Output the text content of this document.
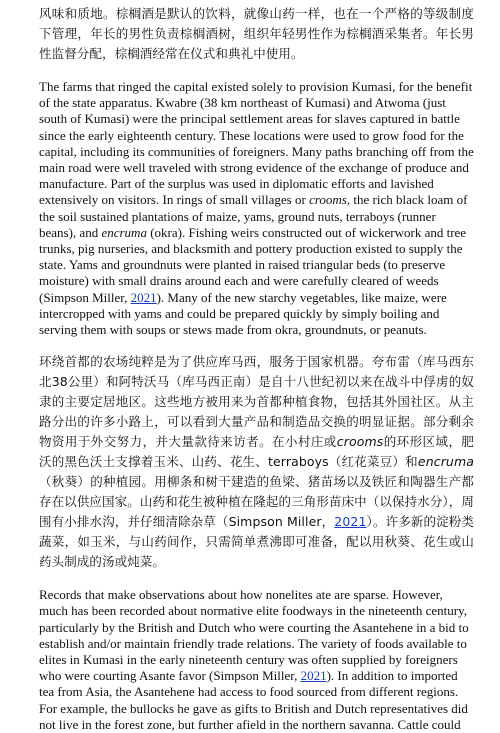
风味和质地。棕榈酒是默认的饮料，就像山药一样，也在一个严格的等级制度下管理，年长的男性负责棕榈酒树，组织年轻男性作为棕榈酒采集者。年长男性监督分配，棕榈酒经常在仪式和典礼中使用。

The farms that ringed the capital existed solely to provision Kumasi, for the benefit of the state apparatus. Kwabre (38 km northeast of Kumasi) and Atwoma (just south of Kumasi) were the principal settlement areas for slaves captured in battle since the early eighteenth century. These locations were used to grow food for the capital, including its communities of foreigners. Many paths branching off from the main road were well traveled with strong evidence of the exchange of produce and manufacture. Part of the surplus was used in diplomatic efforts and lavished extensively on visitors. In rings of small villages or crooms, the rich black loam of the soil sustained plantations of maize, yams, ground nuts, terraboys (runner beans), and encruma (okra). Fishing weirs constructed out of wickerwork and tree trunks, pig nurseries, and blacksmith and pottery production existed to supply the state. Yams and groundnuts were planted in raised triangular beds (to preserve moisture) with small drains around each and were carefully cleared of weeds (Simpson Miller, 2021). Many of the new starchy vegetables, like maize, were intercropped with yams and could be prepared quickly by simply boiling and serving them with soups or stews made from okra, groundnuts, or peanuts.

环绕首都的农场纯粹是为了供应库马西，服务于国家机器。夸布雷（库马西东北38公里）和阿特沃马（库马西正南）是自十八世纪初以来在战斗中俘虏的奴隶的主要定居地区。这些地方被用来为首都种植食物，包括其外国社区。从主路分出的许多小路上，可以看到大量产品和制造品交换的明显证据。部分剩余物资用于外交努力，并大量款待来访者。在小村庄或crooms的环形区域，肥沃的黑色沃土支撑着玉米、山药、花生、terraboys（红花菜豆）和encruma（秋葵）的种植园。用柳条和树干建造的鱼梁、猪苗场以及铁匠和陶器生产都存在以供应国家。山药和花生被种植在隆起的三角形苗床中（以保持水分），周围有小排水沟，并仔细清除杂草（Simpson Miller，2021）。许多新的淀粉类蔬菜，如玉米，与山药间作，只需简单煮沸即可准备，配以用秋葵、花生或山药头制成的汤或炖菜。

Records that make observations about how nonelites ate are sparse. However, much has been recorded about normative elite foodways in the nineteenth century, particularly by the British and Dutch who were courting the Asantehene in a bid to establish and/or maintain friendly trade relations. The variety of foods available to elites in Kumasi in the early nineteenth century was often supplied by foreigners who were courting Asante favor (Simpson Miller, 2021). In addition to imported tea from Asia, the Asantehene had access to food sourced from different regions. For example, the bullocks he gave as gifts to British and Dutch representatives did not live in the forest zone, but further afield in the northern savanna. Cattle could
